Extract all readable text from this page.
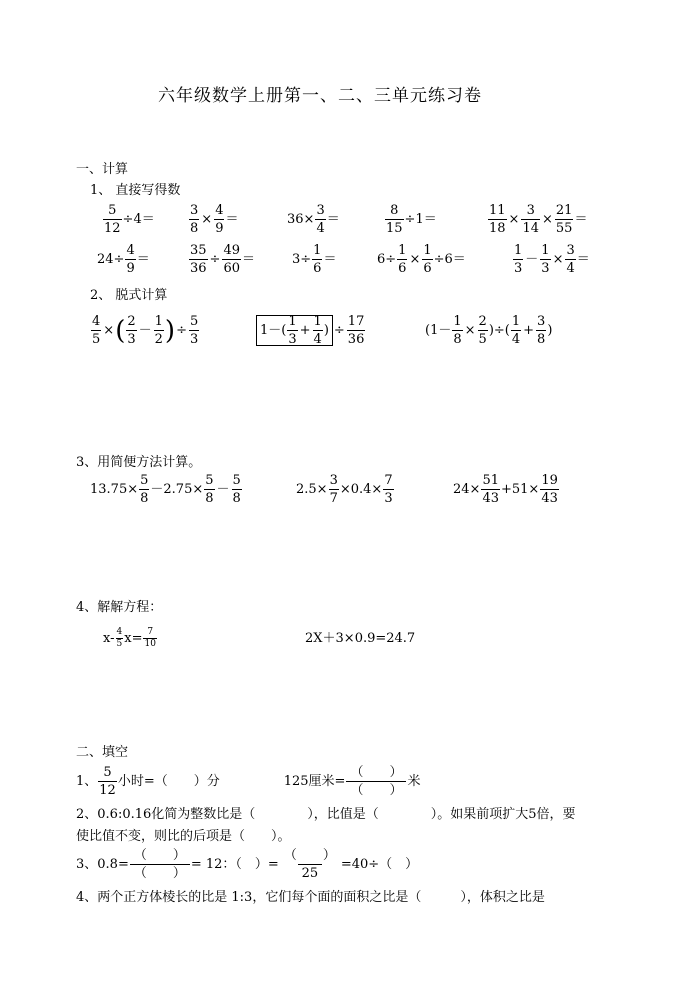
六年级数学上册第一、二、三单元练习卷
一、计算
1、 直接写得数
$\frac{5}{12} \div 4=$	$\frac{3}{8} \times \frac{4}{9}$ ＝	$36\times \frac{3}{4}$ ＝	$\frac{8}{15} \div 1=$	$\frac{11}{18} \times \frac{3}{14} \times \frac{21}{55}$ ＝
$24\div \frac{4}{9}$ ＝	$\frac{35}{36} \div \frac{49}{60}$ ＝	$3\div \frac{1}{6}$ ＝	$6\div \frac{1}{6} \times \frac{1}{6} \div 6=$	$\frac{1}{3} - \frac{1}{3} \times \frac{3}{4}$ ＝
2、 脱式计算
$\frac{4}{5}$ × ( $\frac{2}{3} - \frac{1}{2}$ ) ÷ $\frac{5}{3}$	$1-( \frac{1}{3} + \frac{1}{4}$ ) ÷ $\frac{17}{36}$	($1- \frac{1}{8} \times \frac{2}{5}$ )÷( $\frac{1}{4} + \frac{3}{8}$ )
3、用简便方法计算。
$13.75\times \frac{5}{8} -2.75\times \frac{5}{8} - \frac{5}{8}$	$2.5\times \frac{3}{7} \times 0.4\times \frac{7}{3}$	$24\times \frac{51}{43} +51\times \frac{19}{43}$
4、解解方程：
$x- \frac{4}{5} x= \frac{7}{10}$	2X＋3×0.9=24.7
二、填空
1、 $\frac{5}{12}$ 小时=（　　）分	125厘米= $\frac{( )}{( )}$ 米
2、0.6:0.16化简为整数比是（　　　　），比值是（　　　　）。如果前项扩大5倍，要
使比值不变，则比的后项是（　　）。
3、$0.8= \frac{( )}{( )} = 12$：（　）= $\frac{( )}{25} =40\div$（　）
4、两个正方体棱长的比是 1:3，它们每个面的面积之比是（　　　），体积之比是
